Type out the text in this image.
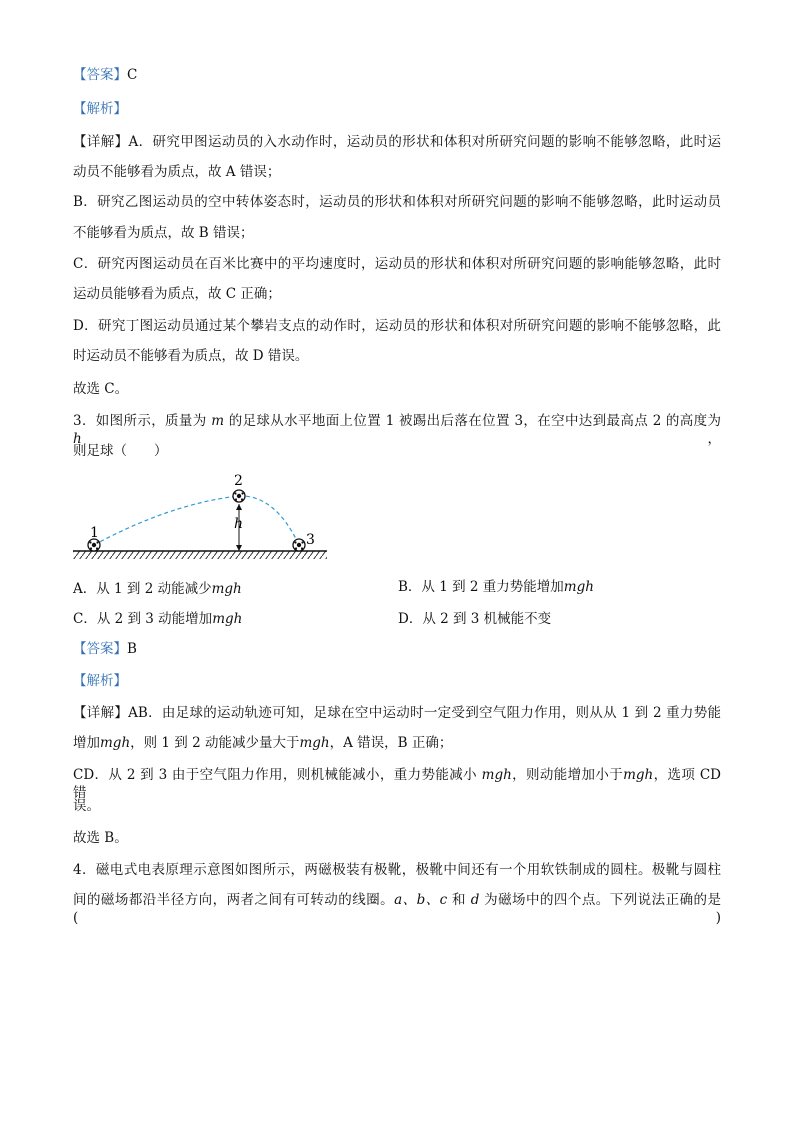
【答案】C
【解析】
【详解】A．研究甲图运动员的入水动作时，运动员的形状和体积对所研究问题的影响不能够忽略，此时运
动员不能够看为质点，故 A 错误；
B．研究乙图运动员的空中转体姿态时，运动员的形状和体积对所研究问题的影响不能够忽略，此时运动员
不能够看为质点，故 B 错误；
C．研究丙图运动员在百米比赛中的平均速度时，运动员的形状和体积对所研究问题的影响能够忽略，此时
运动员能够看为质点，故 C 正确；
D．研究丁图运动员通过某个攀岩支点的动作时，运动员的形状和体积对所研究问题的影响不能够忽略，此
时运动员不能够看为质点，故 D 错误。
故选 C。
3．如图所示，质量为 m 的足球从水平地面上位置 1 被踢出后落在位置 3，在空中达到最高点 2 的高度为 h，
则足球（　　）
1
2
3
h
A．从 1 到 2 动能减少mgh	B．从 1 到 2 重力势能增加mgh
C．从 2 到 3 动能增加mgh	D．从 2 到 3 机械能不变
【答案】B
【解析】
【详解】AB．由足球的运动轨迹可知，足球在空中运动时一定受到空气阻力作用，则从从 1 到 2 重力势能
增加mgh，则 1 到 2 动能减少量大于mgh，A 错误，B 正确；
CD．从 2 到 3 由于空气阻力作用，则机械能减小，重力势能减小 mgh，则动能增加小于mgh，选项 CD 错
误。
故选 B。
4．磁电式电表原理示意图如图所示，两磁极装有极靴，极靴中间还有一个用软铁制成的圆柱。极靴与圆柱
间的磁场都沿半径方向，两者之间有可转动的线圈。a、b、c 和 d 为磁场中的四个点。下列说法正确的是(　　)
